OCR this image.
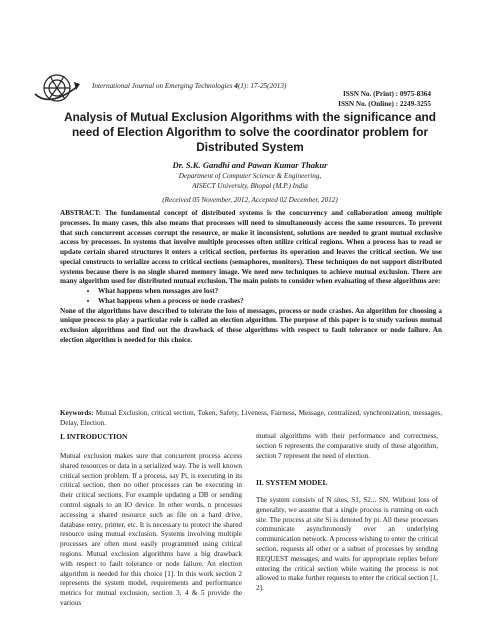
International Journal on Emerging Technologies 4(1): 17-25(2013)
ISSN No. (Print) : 0975-8364
ISSN No. (Online) : 2249-3255
Analysis of Mutual Exclusion Algorithms with the significance and need of Election Algorithm to solve the coordinator problem for Distributed System
Dr. S.K. Gandhi and Pawan Kumar Thakur
Department of Computer Science & Engineering,
AISECT University, Bhopal (M.P.) India
(Received 05 November, 2012, Accepted 02 December, 2012)

ABSTRACT: The fundamental concept of distributed systems is the concurrency and collaboration among multiple processes. In many cases, this also means that processes will need to simultaneously access the same resources. To prevent that such concurrent accesses corrupt the resource, or make it inconsistent, solutions are needed to grant mutual exclusive access by processes. In systems that involve multiple processes often utilize critical regions. When a process has to read or update certain shared structures it enters a critical section, performs its operation and leaves the critical section. We use special constructs to serialize access to critical sections (semaphores, monitors). These techniques do not support distributed systems because there is no single shared memory image. We need new techniques to achieve mutual exclusion. There are many algorithm used for distributed mutual exclusion. The main points to consider when evaluating of these algorithms are:

• What happens when messages are lost?
• What happens when a process or node crashes?

None of the algorithms have described to tolerate the loss of messages, process or node crashes. An algorithm for choosing a unique process to play a particular role is called an election algorithm. The purpose of this paper is to study various mutual exclusion algorithms and find out the drawback of these algorithms with respect to fault tolerance or node failure. An election algorithm is needed for this choice.

Keywords: Mutual Exclusion, critical section, Token, Safety, Liveness, Fairness, Message, centralized, synchronization, messages, Delay, Election.
I. INTRODUCTION

Mutual exclusion makes sure that concurrent process access shared resources or data in a serialized way. The is well known critical section problem. If a process, say Pi, is executing in its critical section, then no other processes can be executing in their critical sections. For example updating a DB or sending control signals to an IO device. In other words, n processes accessing a shared resource such as file on a hard drive, database entry, printer, etc. It is necessary to protect the shared resource using mutual exclusion. Systems involving multiple processes are often most easily programmed using critical regions. Mutual exclusion algorithms have a big drawback with respect to fault tolerance or node failure. An election algorithm is needed for this choice [1]. In this work section 2 represents the system model, requirements and performance metrics for mutual exclusion, section 3, 4 & 5 provide the various

mutual algorithms with their performance and correctness, section 6 represents the comparative study of these algorithm, section 7 represent the need of election.

II. SYSTEM MODEL

The system consists of N sites, S1, S2... SN. Without loss of generality, we assume that a single process is running on each site. The process at site Si is denoted by pi. All these processes communicate asynchronously over an underlying communication network. A process wishing to enter the critical section, requests all other or a subset of processes by sending REQUEST messages, and waits for appropriate replies before entering the critical section while waiting the process is not allowed to make further requests to enter the critical section [1, 2].
